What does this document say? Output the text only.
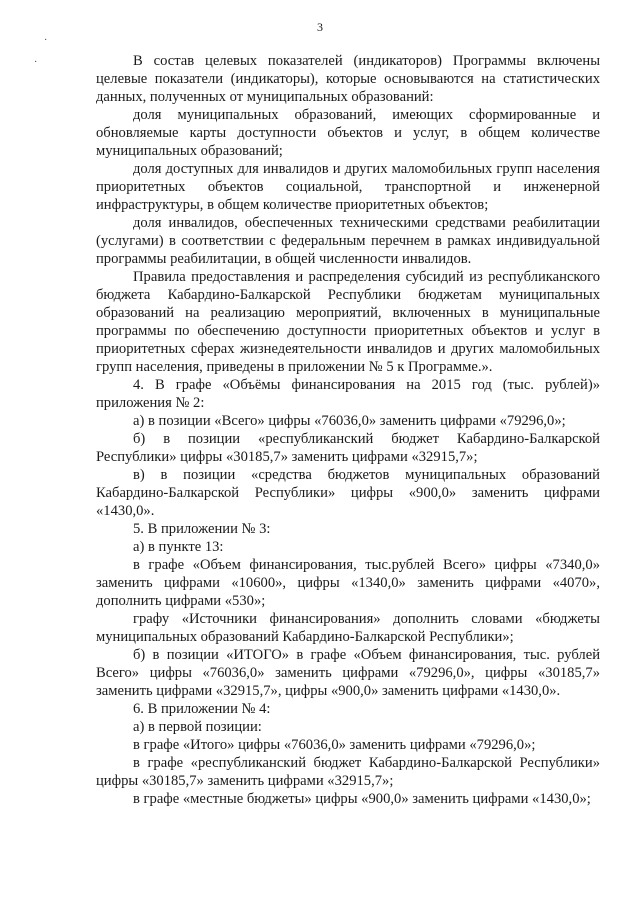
3
·
·	В состав целевых показателей (индикаторов) Программы включены целевые показатели (индикаторы), которые основываются на статистических данных, полученных от муниципальных образований:

доля муниципальных образований, имеющих сформированные и обновляемые карты доступности объектов и услуг, в общем количестве муниципальных образований;

доля доступных для инвалидов и других маломобильных групп населения приоритетных объектов социальной, транспортной и инженерной инфраструктуры, в общем количестве приоритетных объектов;

доля инвалидов, обеспеченных техническими средствами реабилитации (услугами) в соответствии с федеральным перечнем в рамках индивидуальной программы реабилитации, в общей численности инвалидов.

Правила предоставления и распределения субсидий из республиканского бюджета Кабардино-Балкарской Республики бюджетам муниципальных образований на реализацию мероприятий, включенных в муниципальные программы по обеспечению доступности приоритетных объектов и услуг в приоритетных сферах жизнедеятельности инвалидов и других маломобильных групп населения, приведены в приложении № 5 к Программе.».

4. В графе «Объёмы финансирования на 2015 год (тыс. рублей)» приложения № 2:

а) в позиции «Всего» цифры «76036,0» заменить цифрами «79296,0»;

б) в позиции «республиканский бюджет Кабардино-Балкарской Республики» цифры «30185,7» заменить цифрами «32915,7»;

в) в позиции «средства бюджетов муниципальных образований Кабардино-Балкарской Республики» цифры «900,0» заменить цифрами «1430,0».

5. В приложении № 3:

а) в пункте 13:

в графе «Объем финансирования, тыс.рублей Всего» цифры «7340,0» заменить цифрами «10600», цифры «1340,0» заменить цифрами «4070», дополнить цифрами «530»;

графу «Источники финансирования» дополнить словами «бюджеты муниципальных образований Кабардино-Балкарской Республики»;

б) в позиции «ИТОГО» в графе «Объем финансирования, тыс. рублей Всего» цифры «76036,0» заменить цифрами «79296,0», цифры «30185,7» заменить цифрами «32915,7», цифры «900,0» заменить цифрами «1430,0».

6. В приложении № 4:

а) в первой позиции:

в графе «Итого» цифры «76036,0» заменить цифрами «79296,0»;

в графе «республиканский бюджет Кабардино-Балкарской Республики» цифры «30185,7» заменить цифрами «32915,7»;

в графе «местные бюджеты» цифры «900,0» заменить цифрами «1430,0»;
